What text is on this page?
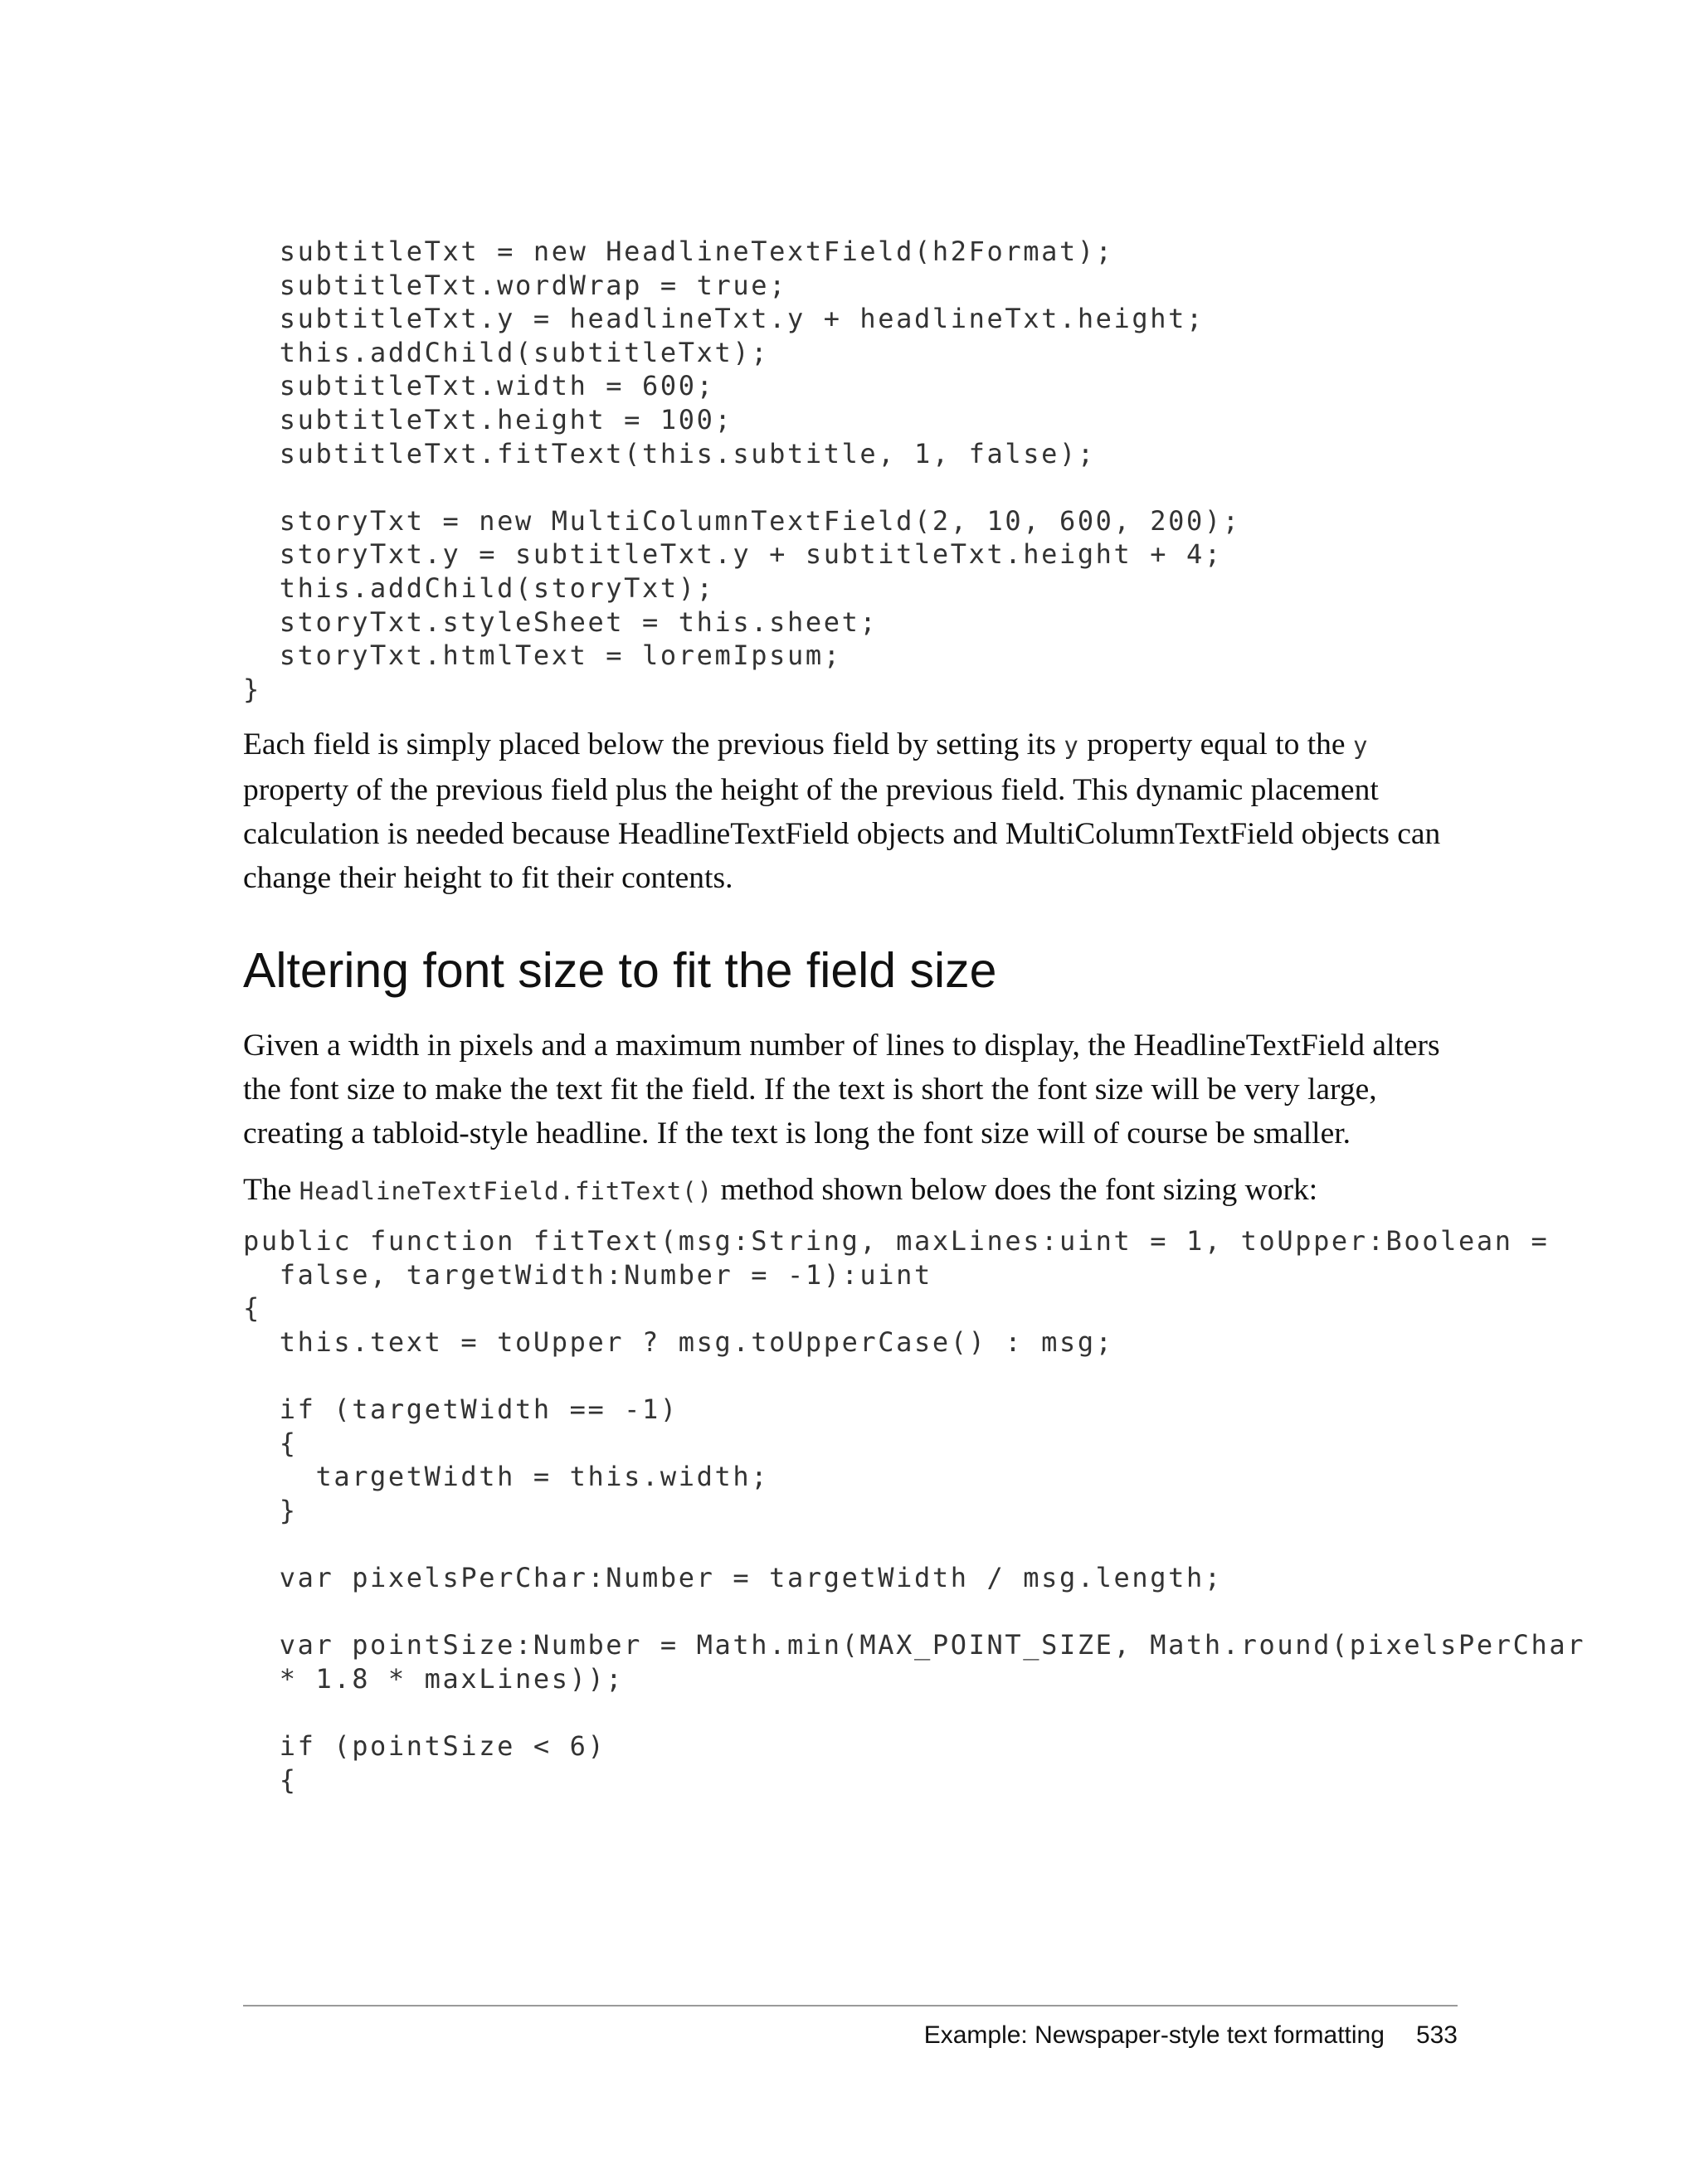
subtitleTxt = new HeadlineTextField(h2Format);
subtitleTxt.wordWrap = true;
subtitleTxt.y = headlineTxt.y + headlineTxt.height;
this.addChild(subtitleTxt);
subtitleTxt.width = 600;
subtitleTxt.height = 100;
subtitleTxt.fitText(this.subtitle, 1, false);
storyTxt = new MultiColumnTextField(2, 10, 600, 200);
storyTxt.y = subtitleTxt.y + subtitleTxt.height + 4;
this.addChild(storyTxt);
storyTxt.styleSheet = this.sheet;
storyTxt.htmlText = loremIpsum;
}

Each field is simply placed below the previous field by setting its y property equal to the y property of the previous field plus the height of the previous field. This dynamic placement calculation is needed because HeadlineTextField objects and MultiColumnTextField objects can change their height to fit their contents.

Altering font size to fit the field size

Given a width in pixels and a maximum number of lines to display, the HeadlineTextField alters the font size to make the text fit the field. If the text is short the font size will be very large, creating a tabloid-style headline. If the text is long the font size will of course be smaller.

The HeadlineTextField.fitText() method shown below does the font sizing work:

public function fitText(msg:String, maxLines:uint = 1, toUpper:Boolean =
false, targetWidth:Number = -1):uint
{
this.text = toUpper ? msg.toUpperCase() : msg;
if (targetWidth == -1)
{
targetWidth = this.width;
}
var pixelsPerChar:Number = targetWidth / msg.length;
var pointSize:Number = Math.min(MAX_POINT_SIZE, Math.round(pixelsPerChar
* 1.8 * maxLines));
if (pointSize < 6)
{
Example: Newspaper-style text formatting 533
